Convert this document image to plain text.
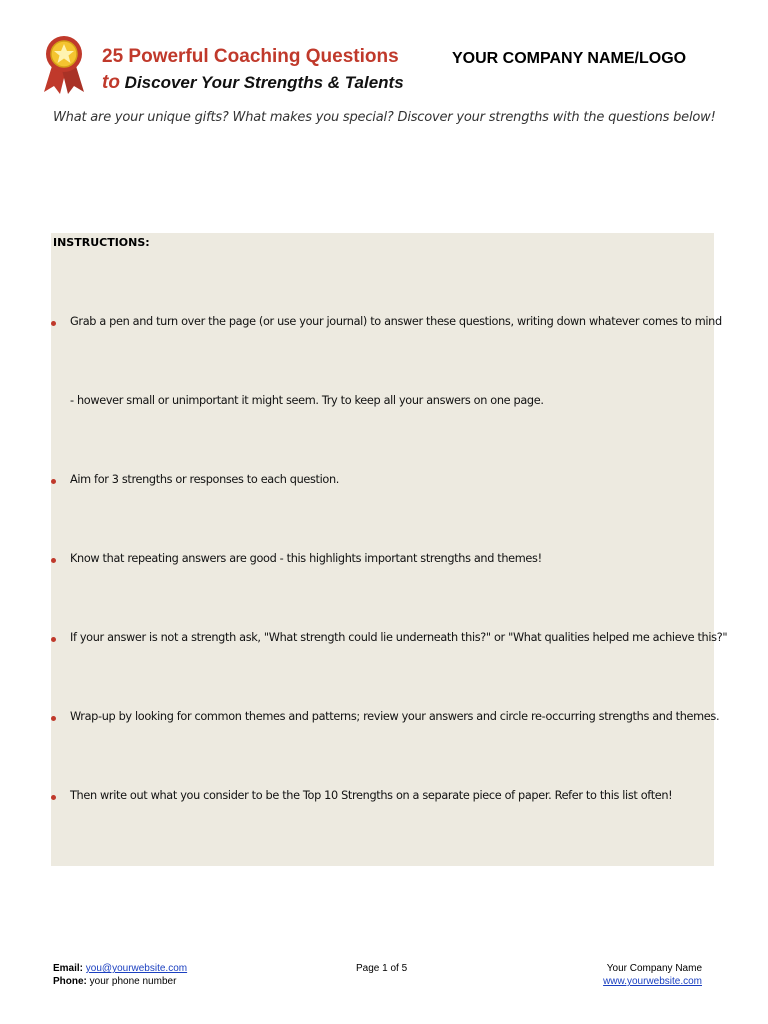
25 Powerful Coaching Questions
to Discover Your Strengths & Talents
YOUR COMPANY NAME/LOGO
What are your unique gifts? What makes you special? Discover your strengths with the questions below!
INSTRUCTIONS:
Grab a pen and turn over the page (or use your journal) to answer these questions, writing down whatever comes to mind
- however small or unimportant it might seem. Try to keep all your answers on one page.
Aim for 3 strengths or responses to each question.
Know that repeating answers are good - this highlights important strengths and themes!
If your answer is not a strength ask, "What strength could lie underneath this?" or "What qualities helped me achieve this?"
Wrap-up by looking for common themes and patterns; review your answers and circle re-occurring strengths and themes.
Then write out what you consider to be the Top 10 Strengths on a separate piece of paper. Refer to this list often!
Email: you@yourwebsite.com
Phone: your phone number
Page 1 of 5	Your Company Name
www.yourwebsite.com
